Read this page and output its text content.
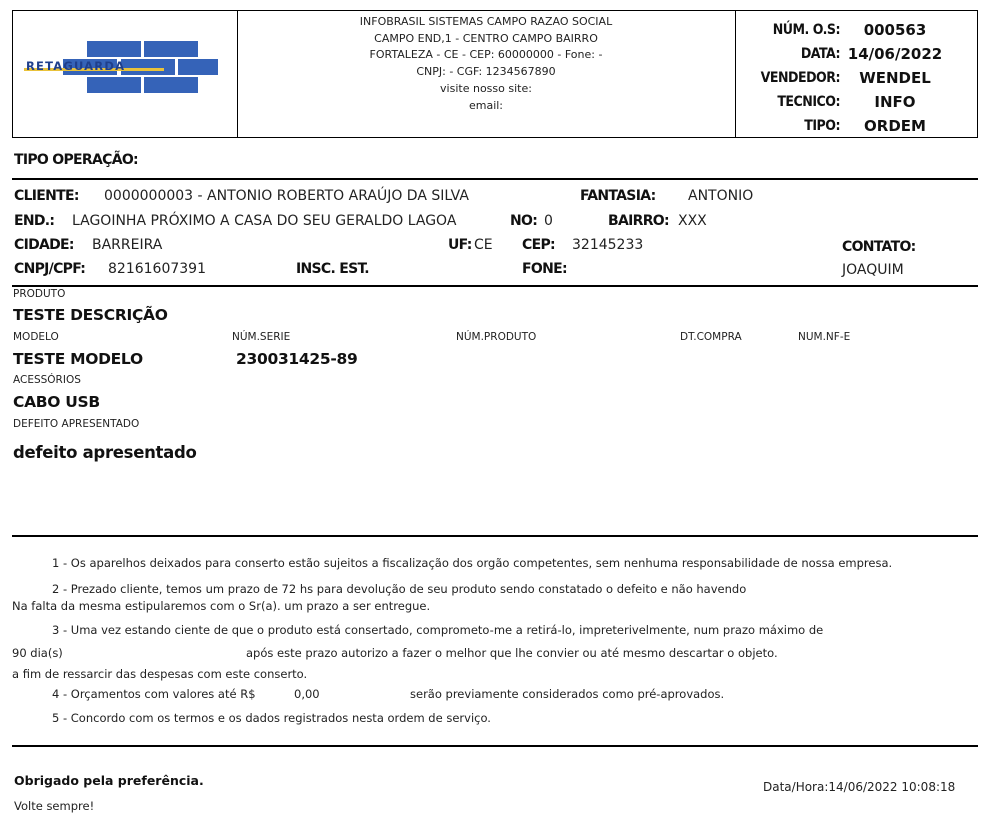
RETAGUARDA
INFOBRASIL SISTEMAS CAMPO RAZAO SOCIAL
CAMPO END,1 - CENTRO CAMPO BAIRRO
FORTALEZA - CE - CEP: 60000000 - Fone: -
CNPJ: - CGF: 1234567890
visite nosso site:
email:
NÚM. O.S:	000563
DATA: 14/06/2022
VENDEDOR:	WENDEL
TECNICO:	INFO
TIPO:	ORDEM
TIPO OPERAÇÃO:
CLIENTE: 0000000003 - ANTONIO ROBERTO ARAÚJO DA SILVA	FANTASIA: ANTONIO
END.: LAGOINHA PRÓXIMO A CASA DO SEU GERALDO LAGOA	NO: 0	BAIRRO: XXX
CIDADE: BARREIRA	UF: CE CEP: 32145233	CONTATO:
JOAQUIM
CNPJ/CPF: 82161607391	INSC. EST.	FONE:
PRODUTO
TESTE DESCRIÇÃO
MODELO	NÚM.SERIE	NÚM.PRODUTO	DT.COMPRA	NUM.NF-E
TESTE MODELO	230031425-89
ACESSÓRIOS
CABO USB
DEFEITO APRESENTADO
defeito apresentado
1 - Os aparelhos deixados para conserto estão sujeitos a fiscalização dos orgão competentes, sem nenhuma responsabilidade de nossa empresa.
2 - Prezado cliente, temos um prazo de 72 hs para devolução de seu produto sendo constatado o defeito e não havendo
Na falta da mesma estipularemos com o Sr(a). um prazo a ser entregue.
3 - Uma vez estando ciente de que o produto está consertado, comprometo-me a retirá-lo, impreterivelmente, num prazo máximo de
90 dia(s)	após este prazo autorizo a fazer o melhor que lhe convier ou até mesmo descartar o objeto.
a fim de ressarcir das despesas com este conserto.
4 - Orçamentos com valores até R$	0,00	serão previamente considerados como pré-aprovados.
5 - Concordo com os termos e os dados registrados nesta ordem de serviço.
Obrigado pela preferência.
Volte sempre!
Data/Hora:14/06/2022 10:08:18
